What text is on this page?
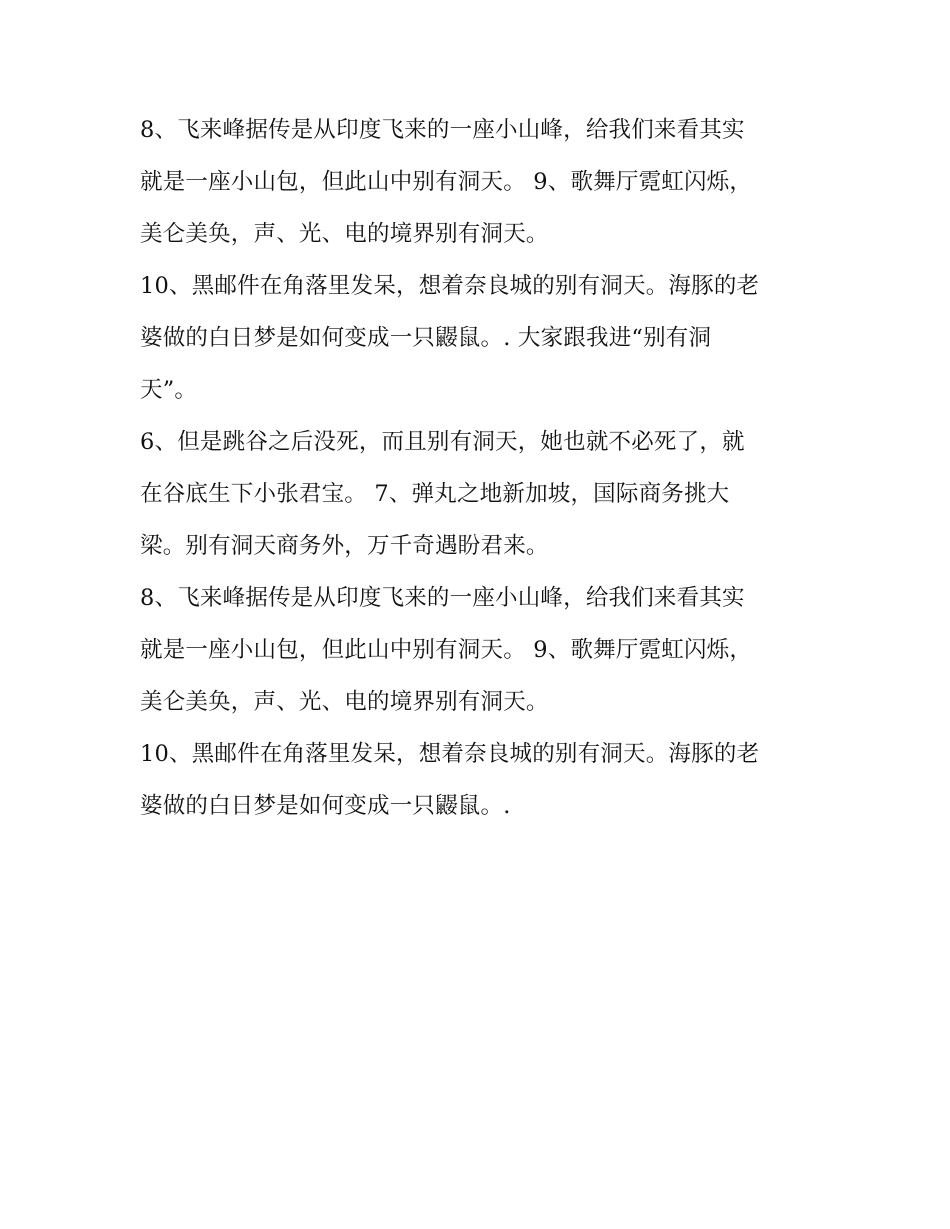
8、飞来峰据传是从印度飞来的一座小山峰，给我们来看其实
就是一座小山包，但此山中别有洞天。 9、歌舞厅霓虹闪烁，
美仑美奂，声、光、电的境界别有洞天。
10、黑邮件在角落里发呆，想着奈良城的别有洞天。海豚的老
婆做的白日梦是如何变成一只鼹鼠。. 大家跟我进“别有洞
天”。
6、但是跳谷之后没死，而且别有洞天，她也就不必死了，就
在谷底生下小张君宝。 7、弹丸之地新加坡，国际商务挑大
梁。别有洞天商务外，万千奇遇盼君来。
8、飞来峰据传是从印度飞来的一座小山峰，给我们来看其实
就是一座小山包，但此山中别有洞天。 9、歌舞厅霓虹闪烁，
美仑美奂，声、光、电的境界别有洞天。
10、黑邮件在角落里发呆，想着奈良城的别有洞天。海豚的老
婆做的白日梦是如何变成一只鼹鼠。.
